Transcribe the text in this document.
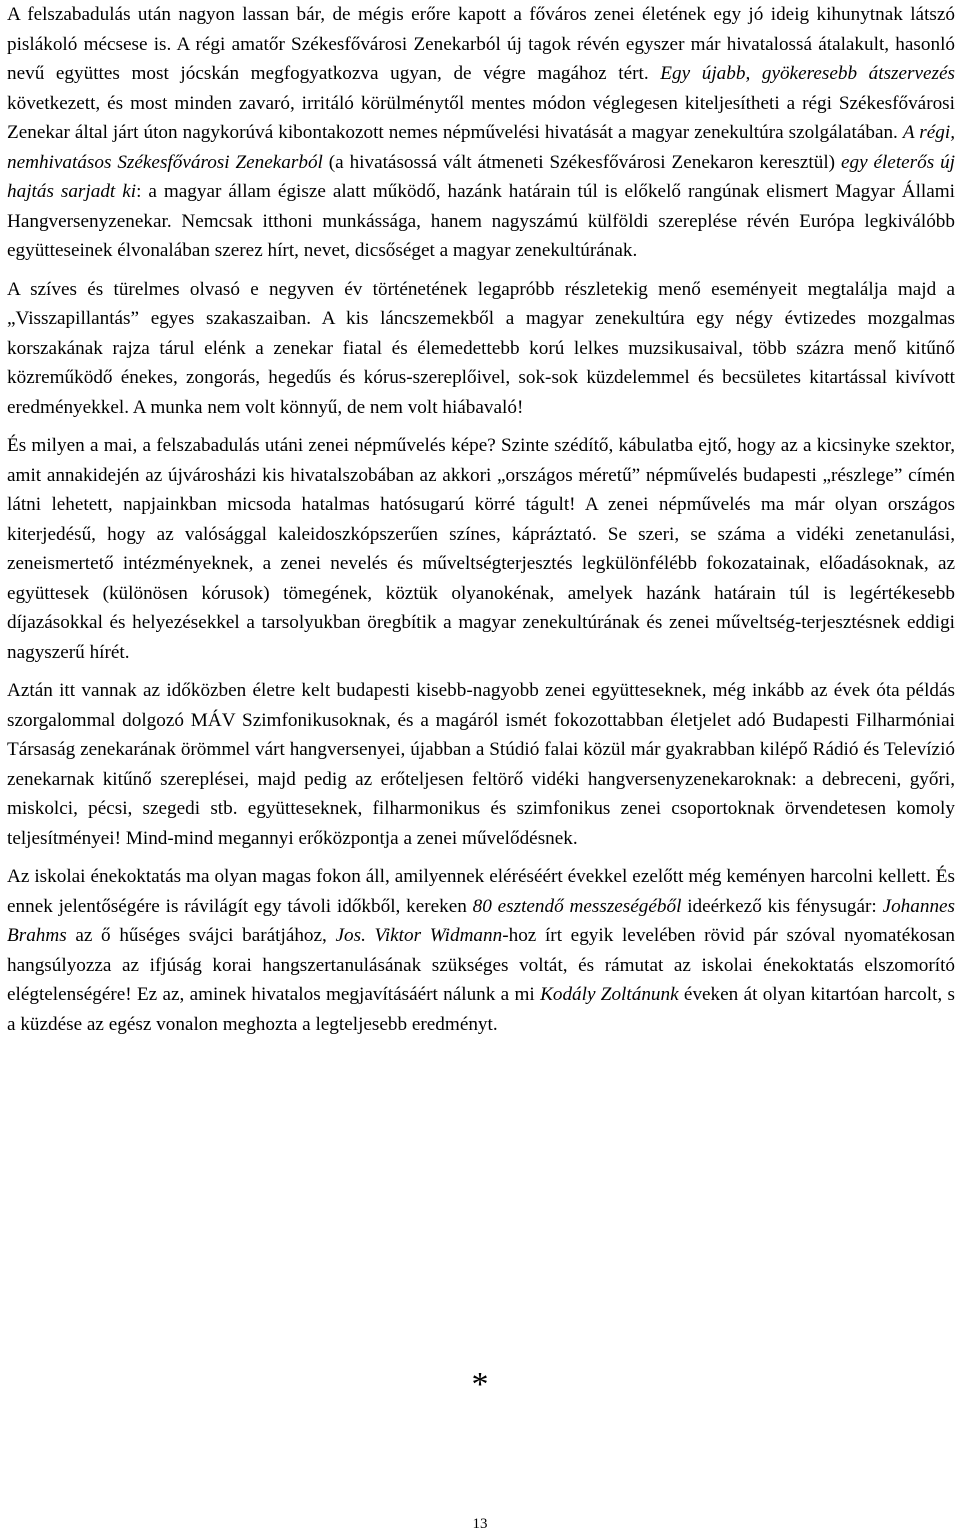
A felszabadulás után nagyon lassan bár, de mégis erőre kapott a főváros zenei életének egy jó ideig kihunytnak látszó pislákoló mécsese is. A régi amatőr Székesfővárosi Zenekarból új tagok révén egyszer már hivatalossá átalakult, hasonló nevű együttes most jócskán megfogyatkozva ugyan, de végre magához tért. Egy újabb, gyökeresebb átszervezés következett, és most minden zavaró, irritáló körülménytől mentes módon véglegesen kiteljesítheti a régi Székesfővárosi Zenekar által járt úton nagykorúvá kibontakozott nemes népművelési hivatását a magyar zenekultúra szolgálatában. A régi, nemhivatásos Székesfővárosi Zenekarból (a hivatásossá vált átmeneti Székesfővárosi Zenekaron keresztül) egy életerős új hajtás sarjadt ki: a magyar állam égisze alatt működő, hazánk határain túl is előkelő rangúnak elismert Magyar Állami Hangversenyzenekar. Nemcsak itthoni munkássága, hanem nagyszámú külföldi szereplése révén Európa legkiválóbb együtteseinek élvonalában szerez hírt, nevet, dicsőséget a magyar zenekultúrának.

A szíves és türelmes olvasó e negyven év történetének legapróbb részletekig menő eseményeit megtalálja majd a „Visszapillantás” egyes szakaszaiban. A kis láncszemekből a magyar zenekultúra egy négy évtizedes mozgalmas korszakának rajza tárul elénk a zenekar fiatal és élemedettebb korú lelkes muzsikusaival, több százra menő kitűnő közreműködő énekes, zongorás, hegedűs és kórus-szereplőivel, sok-sok küzdelemmel és becsületes kitartással kivívott eredményekkel. A munka nem volt könnyű, de nem volt hiábavaló!

És milyen a mai, a felszabadulás utáni zenei népművelés képe? Szinte szédítő, kábulatba ejtő, hogy az a kicsinyke szektor, amit annakidején az újvárosházi kis hivatalszobában az akkori „országos méretű” népművelés budapesti „részlege” címén látni lehetett, napjainkban micsoda hatalmas hatósugarú körré tágult! A zenei népművelés ma már olyan országos kiterjedésű, hogy az valósággal kaleidoszkópszerűen színes, kápráztató. Se szeri, se száma a vidéki zenetanulási, zeneismertető intézményeknek, a zenei nevelés és műveltségterjesztés legkülönfélébb fokozatainak, előadásoknak, az együttesek (különösen kórusok) tömegének, köztük olyanokénak, amelyek hazánk határain túl is legértékesebb díjazásokkal és helyezésekkel a tarsolyukban öregbítik a magyar zenekultúrának és zenei műveltség-terjesztésnek eddigi nagyszerű hírét.

Aztán itt vannak az időközben életre kelt budapesti kisebb-nagyobb zenei együtteseknek, még inkább az évek óta példás szorgalommal dolgozó MÁV Szimfonikusoknak, és a magáról ismét fokozottabban életjelet adó Budapesti Filharmóniai Társaság zenekarának örömmel várt hangversenyei, újabban a Stúdió falai közül már gyakrabban kilépő Rádió és Televízió zenekarnak kitűnő szereplései, majd pedig az erőteljesen feltörő vidéki hangversenyzenekaroknak: a debreceni, győri, miskolci, pécsi, szegedi stb. együtteseknek, filharmonikus és szimfonikus zenei csoportoknak örvendetesen komoly teljesítményei! Mind-mind megannyi erőközpontja a zenei művelődésnek.

Az iskolai énekoktatás ma olyan magas fokon áll, amilyennek eléréséért évekkel ezelőtt még keményen harcolni kellett. És ennek jelentőségére is rávilágít egy távoli időkből, kereken 80 esztendő messzeségéből ideérkező kis fénysugár: Johannes Brahms az ő hűséges svájci barátjához, Jos. Viktor Widmann-hoz írt egyik levelében rövid pár szóval nyomatékosan hangsúlyozza az ifjúság korai hangszertanulásának szükséges voltát, és rámutat az iskolai énekoktatás elszomorító elégtelenségére! Ez az, aminek hivatalos megjavításáért nálunk a mi Kodály Zoltánunk éveken át olyan kitartóan harcolt, s a küzdése az egész vonalon meghozta a legteljesebb eredményt.

*
13
